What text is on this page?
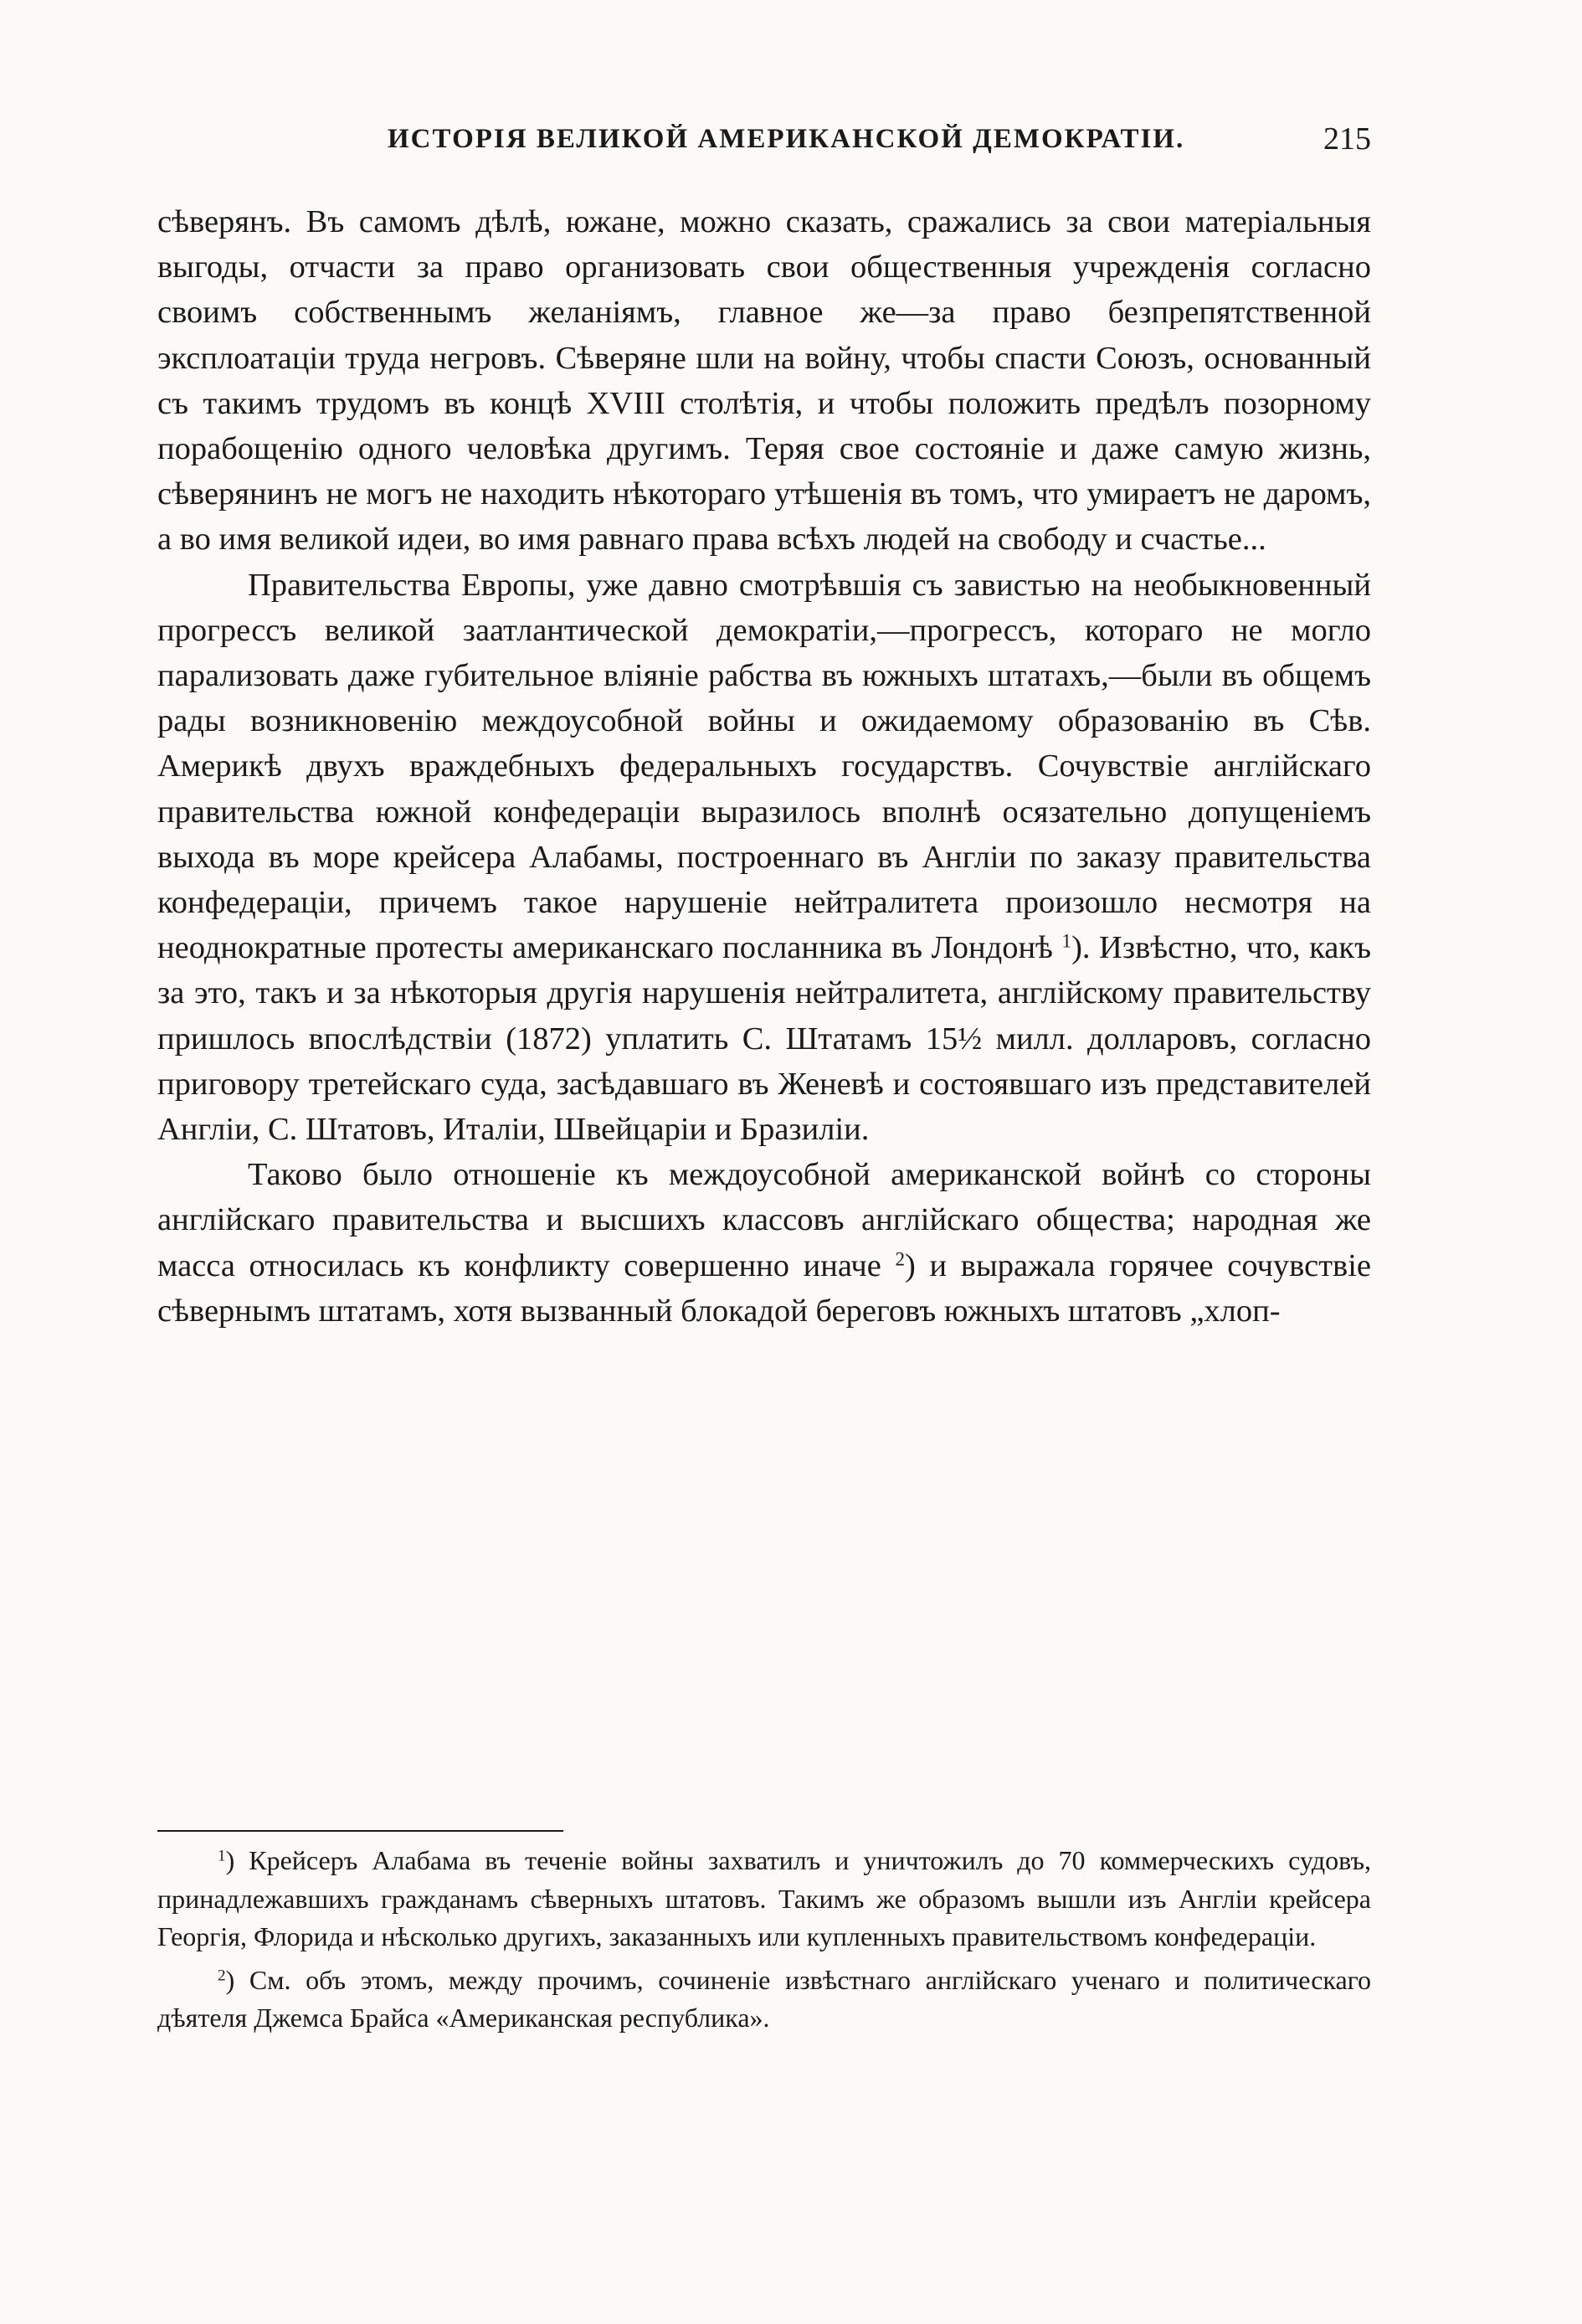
ИСТОРІЯ ВЕЛИКОЙ АМЕРИКАНСКОЙ ДЕМОКРАТІИ.	215

сѣверянъ. Въ самомъ дѣлѣ, южане, можно сказать, сражались за свои матеріальныя выгоды, отчасти за право организовать свои общественныя учрежденія согласно своимъ собственнымъ желаніямъ, главное же—за право безпрепятственной эксплоатаціи труда негровъ. Сѣверяне шли на войну, чтобы спасти Союзъ, основанный съ такимъ трудомъ въ концѣ XVIII столѣтія, и чтобы положить предѣлъ позорному порабощенію одного человѣка другимъ. Теряя свое состояніе и даже самую жизнь, сѣверянинъ не могъ не находить нѣкотораго утѣшенія въ томъ, что умираетъ не даромъ, а во имя великой идеи, во имя равнаго права всѣхъ людей на свободу и счастье...

Правительства Европы, уже давно смотрѣвшія съ завистью на необыкновенный прогрессъ великой заатлантической демократіи,—прогрессъ, котораго не могло парализовать даже губительное вліяніе рабства въ южныхъ штатахъ,—были въ общемъ рады возникновенію междоусобной войны и ожидаемому образованію въ Сѣв. Америкѣ двухъ враждебныхъ федеральныхъ государствъ. Сочувствіе англійскаго правительства южной конфедераціи выразилось вполнѣ осязательно допущеніемъ выхода въ море крейсера Алабамы, построеннаго въ Англіи по заказу правительства конфедераціи, причемъ такое нарушеніе нейтралитета произошло несмотря на неоднократные протесты американскаго посланника въ Лондонѣ $^1$). Извѣстно, что, какъ за это, такъ и за нѣкоторыя другія нарушенія нейтралитета, англійскому правительству пришлось впослѣдствіи (1872) уплатить С. Штатамъ 15½ милл. долларовъ, согласно приговору третейскаго суда, засѣдавшаго въ Женевѣ и состоявшаго изъ представителей Англіи, С. Штатовъ, Италіи, Швейцаріи и Бразиліи.

Таково было отношеніе къ междоусобной американской войнѣ со стороны англійскаго правительства и высшихъ классовъ англійскаго общества; народная же масса относилась къ конфликту совершенно иначе $^2$) и выражала горячее сочувствіе сѣвернымъ штатамъ, хотя вызванный блокадой береговъ южныхъ штатовъ „хлоп-

$^1$) Крейсеръ Алабама въ теченіе войны захватилъ и уничтожилъ до 70 коммерческихъ судовъ, принадлежавшихъ гражданамъ сѣверныхъ штатовъ. Такимъ же образомъ вышли изъ Англіи крейсера Георгія, Флорида и нѣсколько другихъ, заказанныхъ или купленныхъ правительствомъ конфедераціи.

$^2$) См. объ этомъ, между прочимъ, сочиненіе извѣстнаго англійскаго ученаго и политическаго дѣятеля Джемса Брайса «Американская республика».
